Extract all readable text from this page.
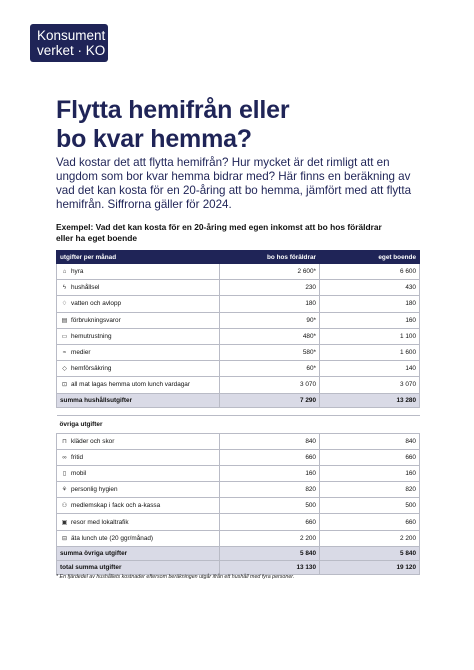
Konsument
verket · KO
Flytta hemifrån eller
bo kvar hemma?

Vad kostar det att flytta hemifrån? Hur mycket är det rimligt att en ungdom som bor kvar hemma bidrar med? Här finns en beräkning av vad det kan kosta för en 20-åring att bo hemma, jämfört med att flytta hemifrån. Siffrorna gäller för 2024.

Exempel: Vad det kan kosta för en 20-åring med egen inkomst att bo hos föräldrar eller ha eget boende

utgifter per månad	bo hos föräldrar	eget boende
⌂ hyra	2 600*	6 600
ϟ hushållsel	230	430
♢ vatten och avlopp	180	180
▤ förbrukningsvaror	90*	160
▭ hemutrustning	480*	1 100
≈ medier	580*	1 600
◇ hemförsäkring	60*	140
⊡ all mat lagas hemma utom lunch vardagar	3 070	3 070
summa hushållsutgifter	7 290	13 280

övriga utgifter		
⊓ kläder och skor	840	840
∞ fritid	660	660
▯ mobil	160	160
⚘ personlig hygien	820	820
⚇ medlemskap i fack och a-kassa	500	500
▣ resor med lokaltrafik	660	660
⊟ äta lunch ute (20 ggr/månad)	2 200	2 200
summa övriga utgifter	5 840	5 840
total summa utgifter	13 130	19 120

* En fjärdedel av hushållets kostnader eftersom beräkningen utgår ifrån ett hushåll med fyra personer.
